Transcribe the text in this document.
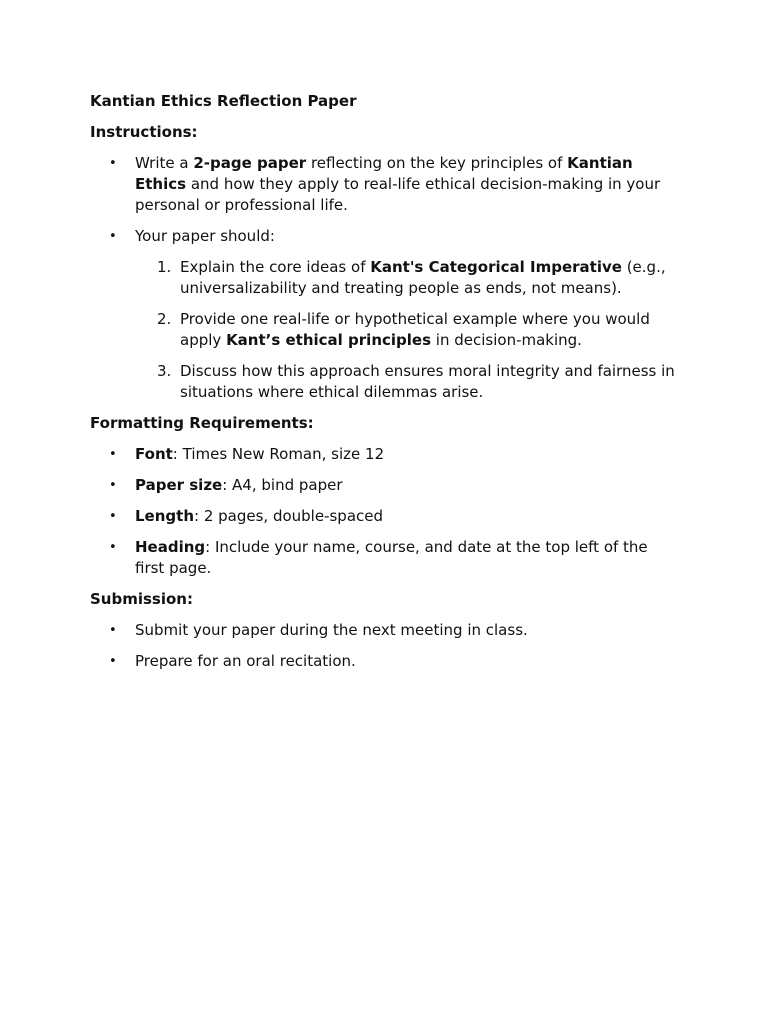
Kantian Ethics Reflection Paper
Instructions:
• Write a 2-page paper reflecting on the key principles of Kantian Ethics and how they apply to real-life ethical decision-making in your personal or professional life.
• Your paper should:
1. Explain the core ideas of Kant's Categorical Imperative (e.g., universalizability and treating people as ends, not means).
2. Provide one real-life or hypothetical example where you would apply Kant’s ethical principles in decision-making.
3. Discuss how this approach ensures moral integrity and fairness in situations where ethical dilemmas arise.
Formatting Requirements:
• Font: Times New Roman, size 12
• Paper size: A4, bind paper
• Length: 2 pages, double-spaced
• Heading: Include your name, course, and date at the top left of the first page.
Submission:
• Submit your paper during the next meeting in class.
• Prepare for an oral recitation.
